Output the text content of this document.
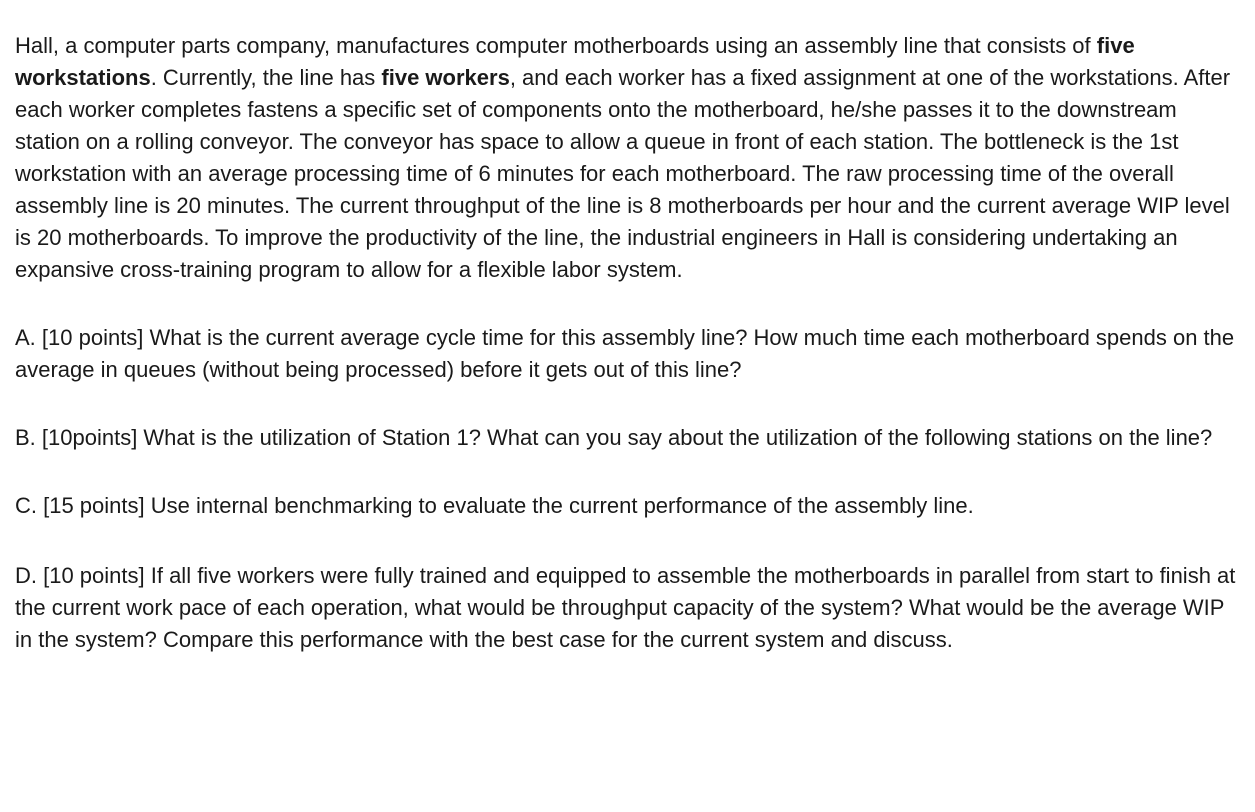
Hall, a computer parts company, manufactures computer motherboards using an assembly line that consists of five workstations. Currently, the line has five workers, and each worker has a fixed assignment at one of the workstations. After each worker completes fastens a specific set of components onto the motherboard, he/she passes it to the downstream station on a rolling conveyor. The conveyor has space to allow a queue in front of each station. The bottleneck is the 1st workstation with an average processing time of 6 minutes for each motherboard. The raw processing time of the overall assembly line is 20 minutes. The current throughput of the line is 8 motherboards per hour and the current average WIP level is 20 motherboards. To improve the productivity of the line, the industrial engineers in Hall is considering undertaking an expansive cross-training program to allow for a flexible labor system.

A. [10 points] What is the current average cycle time for this assembly line? How much time each motherboard spends on the average in queues (without being processed) before it gets out of this line?

B. [10points] What is the utilization of Station 1? What can you say about the utilization of the following stations on the line?

C. [15 points] Use internal benchmarking to evaluate the current performance of the assembly line.

D. [10 points] If all five workers were fully trained and equipped to assemble the motherboards in parallel from start to finish at the current work pace of each operation, what would be throughput capacity of the system? What would be the average WIP in the system? Compare this performance with the best case for the current system and discuss.
